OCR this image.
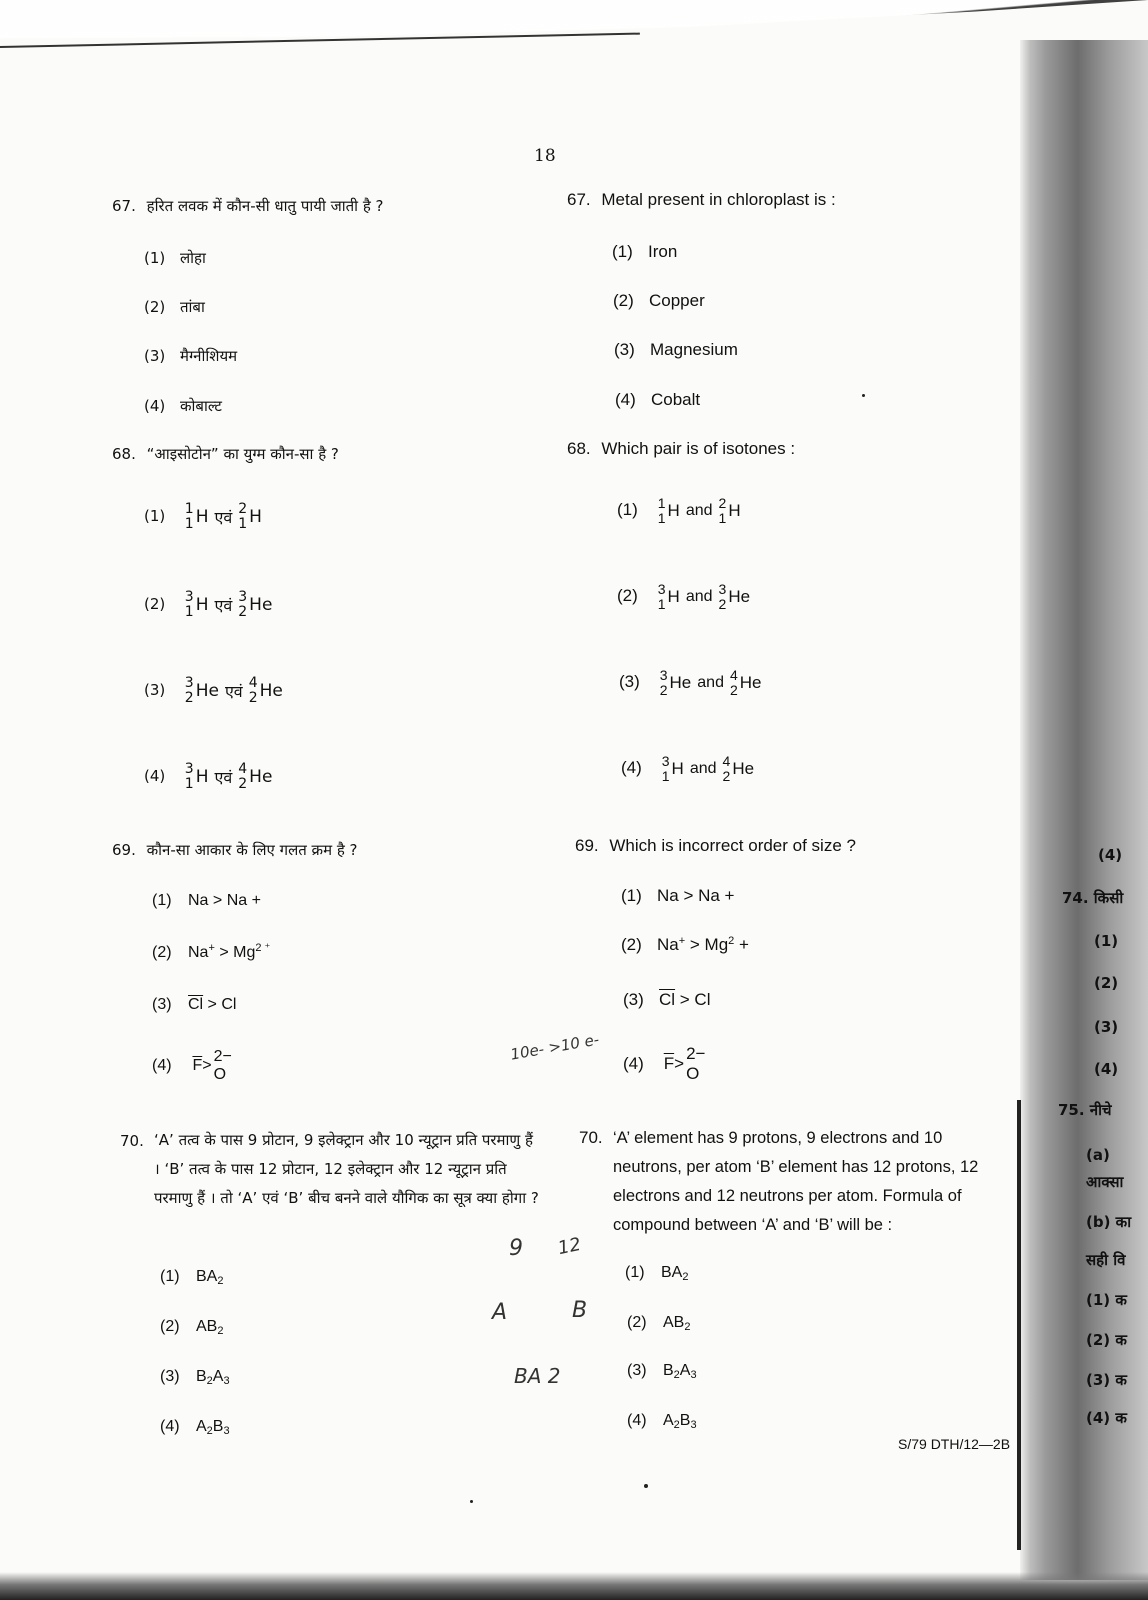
18
67. हरित लवक में कौन-सी धातु पायी जाती है ?
(1) लोहा
(2) तांबा
(3) मैग्नीशियम
(4) कोबाल्ट
68. “आइसोटोन” का युग्म कौन-सा है ?
(1) 1
1 H एवं 2
1 H
(2) 3
1 H एवं 3
2 He
(3) 3
2 He एवं 4
2 He
(4) 3
1 H एवं 4
2 He
69. कौन-सा आकार के लिए गलत क्रम है ?
(1) Na > Na +
(2) $Na^+ > Mg^2$ ⁺
(3) $\overline{Cl} > Cl$
(4) $\overline{F}$ >
2−
O
70. ‘A’ तत्व के पास 9 प्रोटान, 9 इलेक्ट्रान और 10 न्यूट्रान प्रति परमाणु हैं । ‘B’ तत्व के पास 12 प्रोटान, 12 इलेक्ट्रान और 12 न्यूट्रान प्रति परमाणु हैं । तो ‘A’ एवं ‘B’ बीच बनने वाले यौगिक का सूत्र क्या होगा ?
(1) $BA_2$
(2) $AB_2$
(3) $B_2A_3$
(4) $A_2B_3$
67. Metal present in chloroplast is :
(1) Iron
(2) Copper
(3) Magnesium
(4) Cobalt
68. Which pair is of isotones :
(1) 1
1 H and 2
1 H
(2) 3
1 H and 3
2 He
(3) 3
2 He and 4
2 He
(4) 3
1 H and 4
2 He
69. Which is incorrect order of size ?
(1) Na > Na +
(2) $Na^+ > Mg^2$ +
(3) $\overline{Cl} > Cl$
(4) $\overline{F}$ >
2−
O
70. ‘A’ element has 9 protons, 9 electrons and 10 neutrons, per atom ‘B’ element has 12 protons, 12 electrons and 12 neutrons per atom. Formula of compound between ‘A’ and ‘B’ will be :
(1) $BA_2$
(2) $AB_2$
(3) $B_2A_3$
(4) $A_2B_3$
10e- >10 e-
9 12
A	B
BA 2
S/79 DTH/12—2B
74. किसी
(1)
(2)
(3)
(4)
75. नीचे
(a)
आक्सा
(b) का
सही वि
(1) क
(2) क
(3) क
(4) क
(4)
